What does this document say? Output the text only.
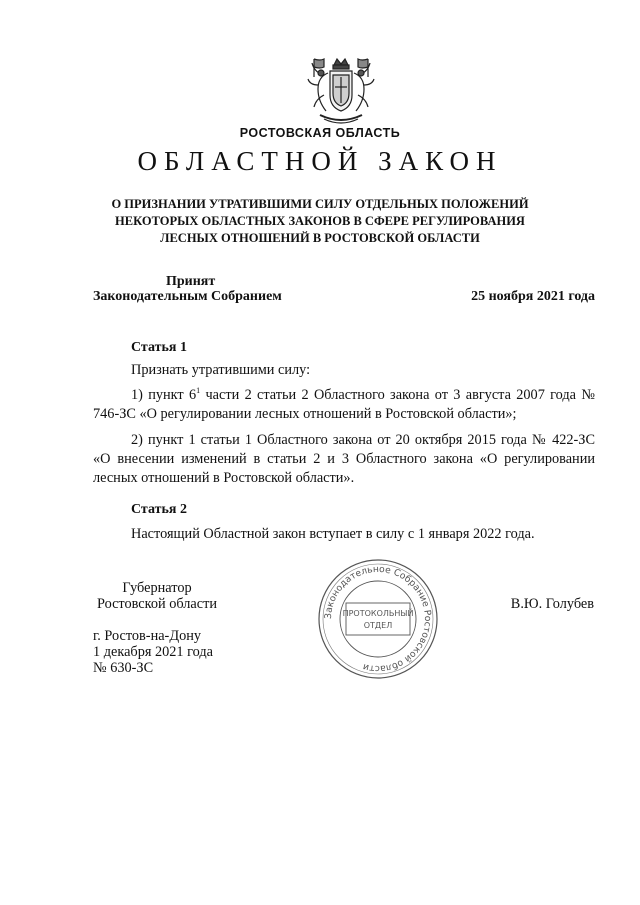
РОСТОВСКАЯ ОБЛАСТЬ
ОБЛАСТНОЙ ЗАКОН
О ПРИЗНАНИИ УТРАТИВШИМИ СИЛУ ОТДЕЛЬНЫХ ПОЛОЖЕНИЙ
НЕКОТОРЫХ ОБЛАСТНЫХ ЗАКОНОВ В СФЕРЕ РЕГУЛИРОВАНИЯ
ЛЕСНЫХ ОТНОШЕНИЙ В РОСТОВСКОЙ ОБЛАСТИ
Принят
Законодательным Собранием	25 ноября 2021 года
Статья 1
Признать утратившими силу:
1) пункт $6^1$ части 2 статьи 2 Областного закона от 3 августа 2007 года № 746-ЗС «О регулировании лесных отношений в Ростовской области»;
2) пункт 1 статьи 1 Областного закона от 20 октября 2015 года № 422-ЗС «О внесении изменений в статьи 2 и 3 Областного закона «О регулировании лесных отношений в Ростовской области».
Статья 2
Настоящий Областной закон вступает в силу с 1 января 2022 года.
Губернатор
Ростовской области	В.Ю. Голубев
г. Ростов-на-Дону
1 декабря 2021 года
№ 630-ЗС
Законодательное Собрание Ростовской области
ПРОТОКОЛЬНЫЙ
ОТДЕЛ
